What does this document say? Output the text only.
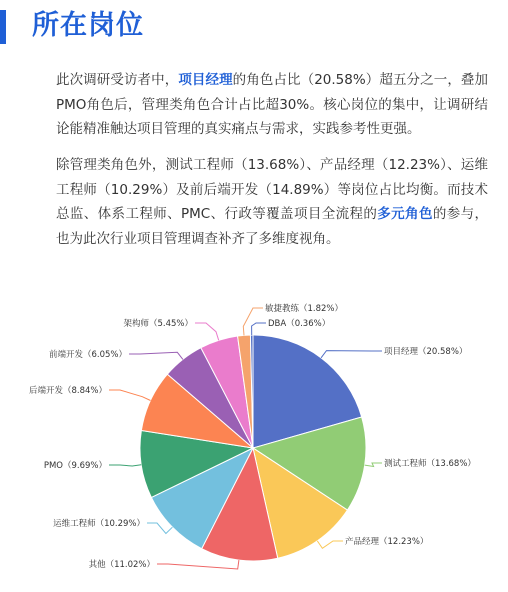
所在岗位
此次调研受访者中，项目经理的角色占比（20.58%）超五分之一，叠加PMO角色后，管理类角色合计占比超30%。核心岗位的集中，让调研结论能精准触达项目管理的真实痛点与需求，实践参考性更强。
除管理类角色外，测试工程师（13.68%）、产品经理（12.23%）、运维工程师（10.29%）及前后端开发（14.89%）等岗位占比均衡。而技术总监、体系工程师、PMC、行政等覆盖项目全流程的多元角色的参与，也为此次行业项目管理调查补齐了多维度视角。
项目经理（20.58%）
测试工程师（13.68%）
产品经理（12.23%）
其他（11.02%）
运维工程师（10.29%）
PMO（9.69%）
后端开发（8.84%）
前端开发（6.05%）
架构师（5.45%）
敏捷教练（1.82%）
DBA（0.36%）
